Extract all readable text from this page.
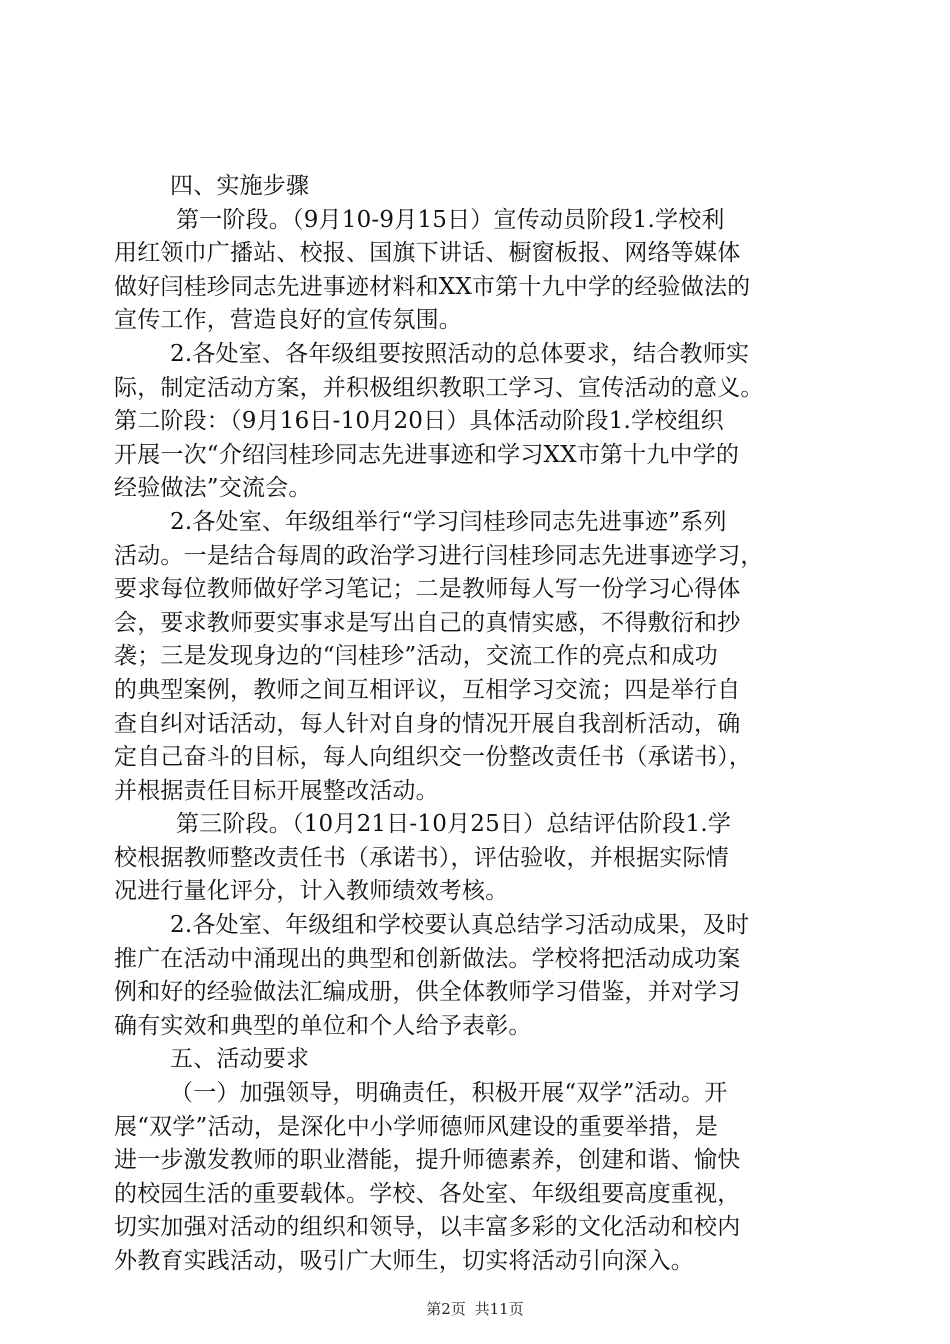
四、实施步骤
第一阶段。（9月10-9月15日）宣传动员阶段1.学校利
用红领巾广播站、校报、国旗下讲话、橱窗板报、网络等媒体
做好闫桂珍同志先进事迹材料和XX市第十九中学的经验做法的
宣传工作，营造良好的宣传氛围。
2.各处室、各年级组要按照活动的总体要求，结合教师实
际，制定活动方案，并积极组织教职工学习、宣传活动的意义。
第二阶段：（9月16日-10月20日）具体活动阶段1.学校组织
开展一次“介绍闫桂珍同志先进事迹和学习XX市第十九中学的
经验做法”交流会。
2.各处室、年级组举行“学习闫桂珍同志先进事迹”系列
活动。一是结合每周的政治学习进行闫桂珍同志先进事迹学习，
要求每位教师做好学习笔记；二是教师每人写一份学习心得体
会，要求教师要实事求是写出自己的真情实感，不得敷衍和抄
袭；三是发现身边的“闫桂珍”活动，交流工作的亮点和成功
的典型案例，教师之间互相评议，互相学习交流；四是举行自
查自纠对话活动，每人针对自身的情况开展自我剖析活动，确
定自己奋斗的目标，每人向组织交一份整改责任书（承诺书），
并根据责任目标开展整改活动。
第三阶段。（10月21日-10月25日）总结评估阶段1.学
校根据教师整改责任书（承诺书），评估验收，并根据实际情
况进行量化评分，计入教师绩效考核。
2.各处室、年级组和学校要认真总结学习活动成果，及时
推广在活动中涌现出的典型和创新做法。学校将把活动成功案
例和好的经验做法汇编成册，供全体教师学习借鉴，并对学习
确有实效和典型的单位和个人给予表彰。
五、活动要求
（一）加强领导，明确责任，积极开展“双学”活动。开
展“双学”活动，是深化中小学师德师风建设的重要举措，是
进一步激发教师的职业潜能，提升师德素养，创建和谐、愉快
的校园生活的重要载体。学校、各处室、年级组要高度重视，
切实加强对活动的组织和领导，以丰富多彩的文化活动和校内
外教育实践活动，吸引广大师生，切实将活动引向深入。
第2页 共11页
